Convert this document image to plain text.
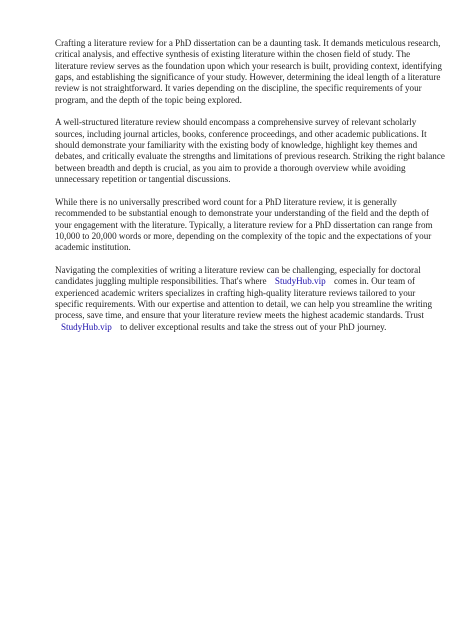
Crafting a literature review for a PhD dissertation can be a daunting task. It demands meticulous research, critical analysis, and effective synthesis of existing literature within the chosen field of study. The literature review serves as the foundation upon which your research is built, providing context, identifying gaps, and establishing the significance of your study. However, determining the ideal length of a literature review is not straightforward. It varies depending on the discipline, the specific requirements of your program, and the depth of the topic being explored.

A well-structured literature review should encompass a comprehensive survey of relevant scholarly sources, including journal articles, books, conference proceedings, and other academic publications. It should demonstrate your familiarity with the existing body of knowledge, highlight key themes and debates, and critically evaluate the strengths and limitations of previous research. Striking the right balance between breadth and depth is crucial, as you aim to provide a thorough overview while avoiding unnecessary repetition or tangential discussions.

While there is no universally prescribed word count for a PhD literature review, it is generally recommended to be substantial enough to demonstrate your understanding of the field and the depth of your engagement with the literature. Typically, a literature review for a PhD dissertation can range from 10,000 to 20,000 words or more, depending on the complexity of the topic and the expectations of your academic institution.

Navigating the complexities of writing a literature review can be challenging, especially for doctoral candidates juggling multiple responsibilities. That's where StudyHub.vip comes in. Our team of experienced academic writers specializes in crafting high-quality literature reviews tailored to your specific requirements. With our expertise and attention to detail, we can help you streamline the writing process, save time, and ensure that your literature review meets the highest academic standards. Trust StudyHub.vip to deliver exceptional results and take the stress out of your PhD journey.
